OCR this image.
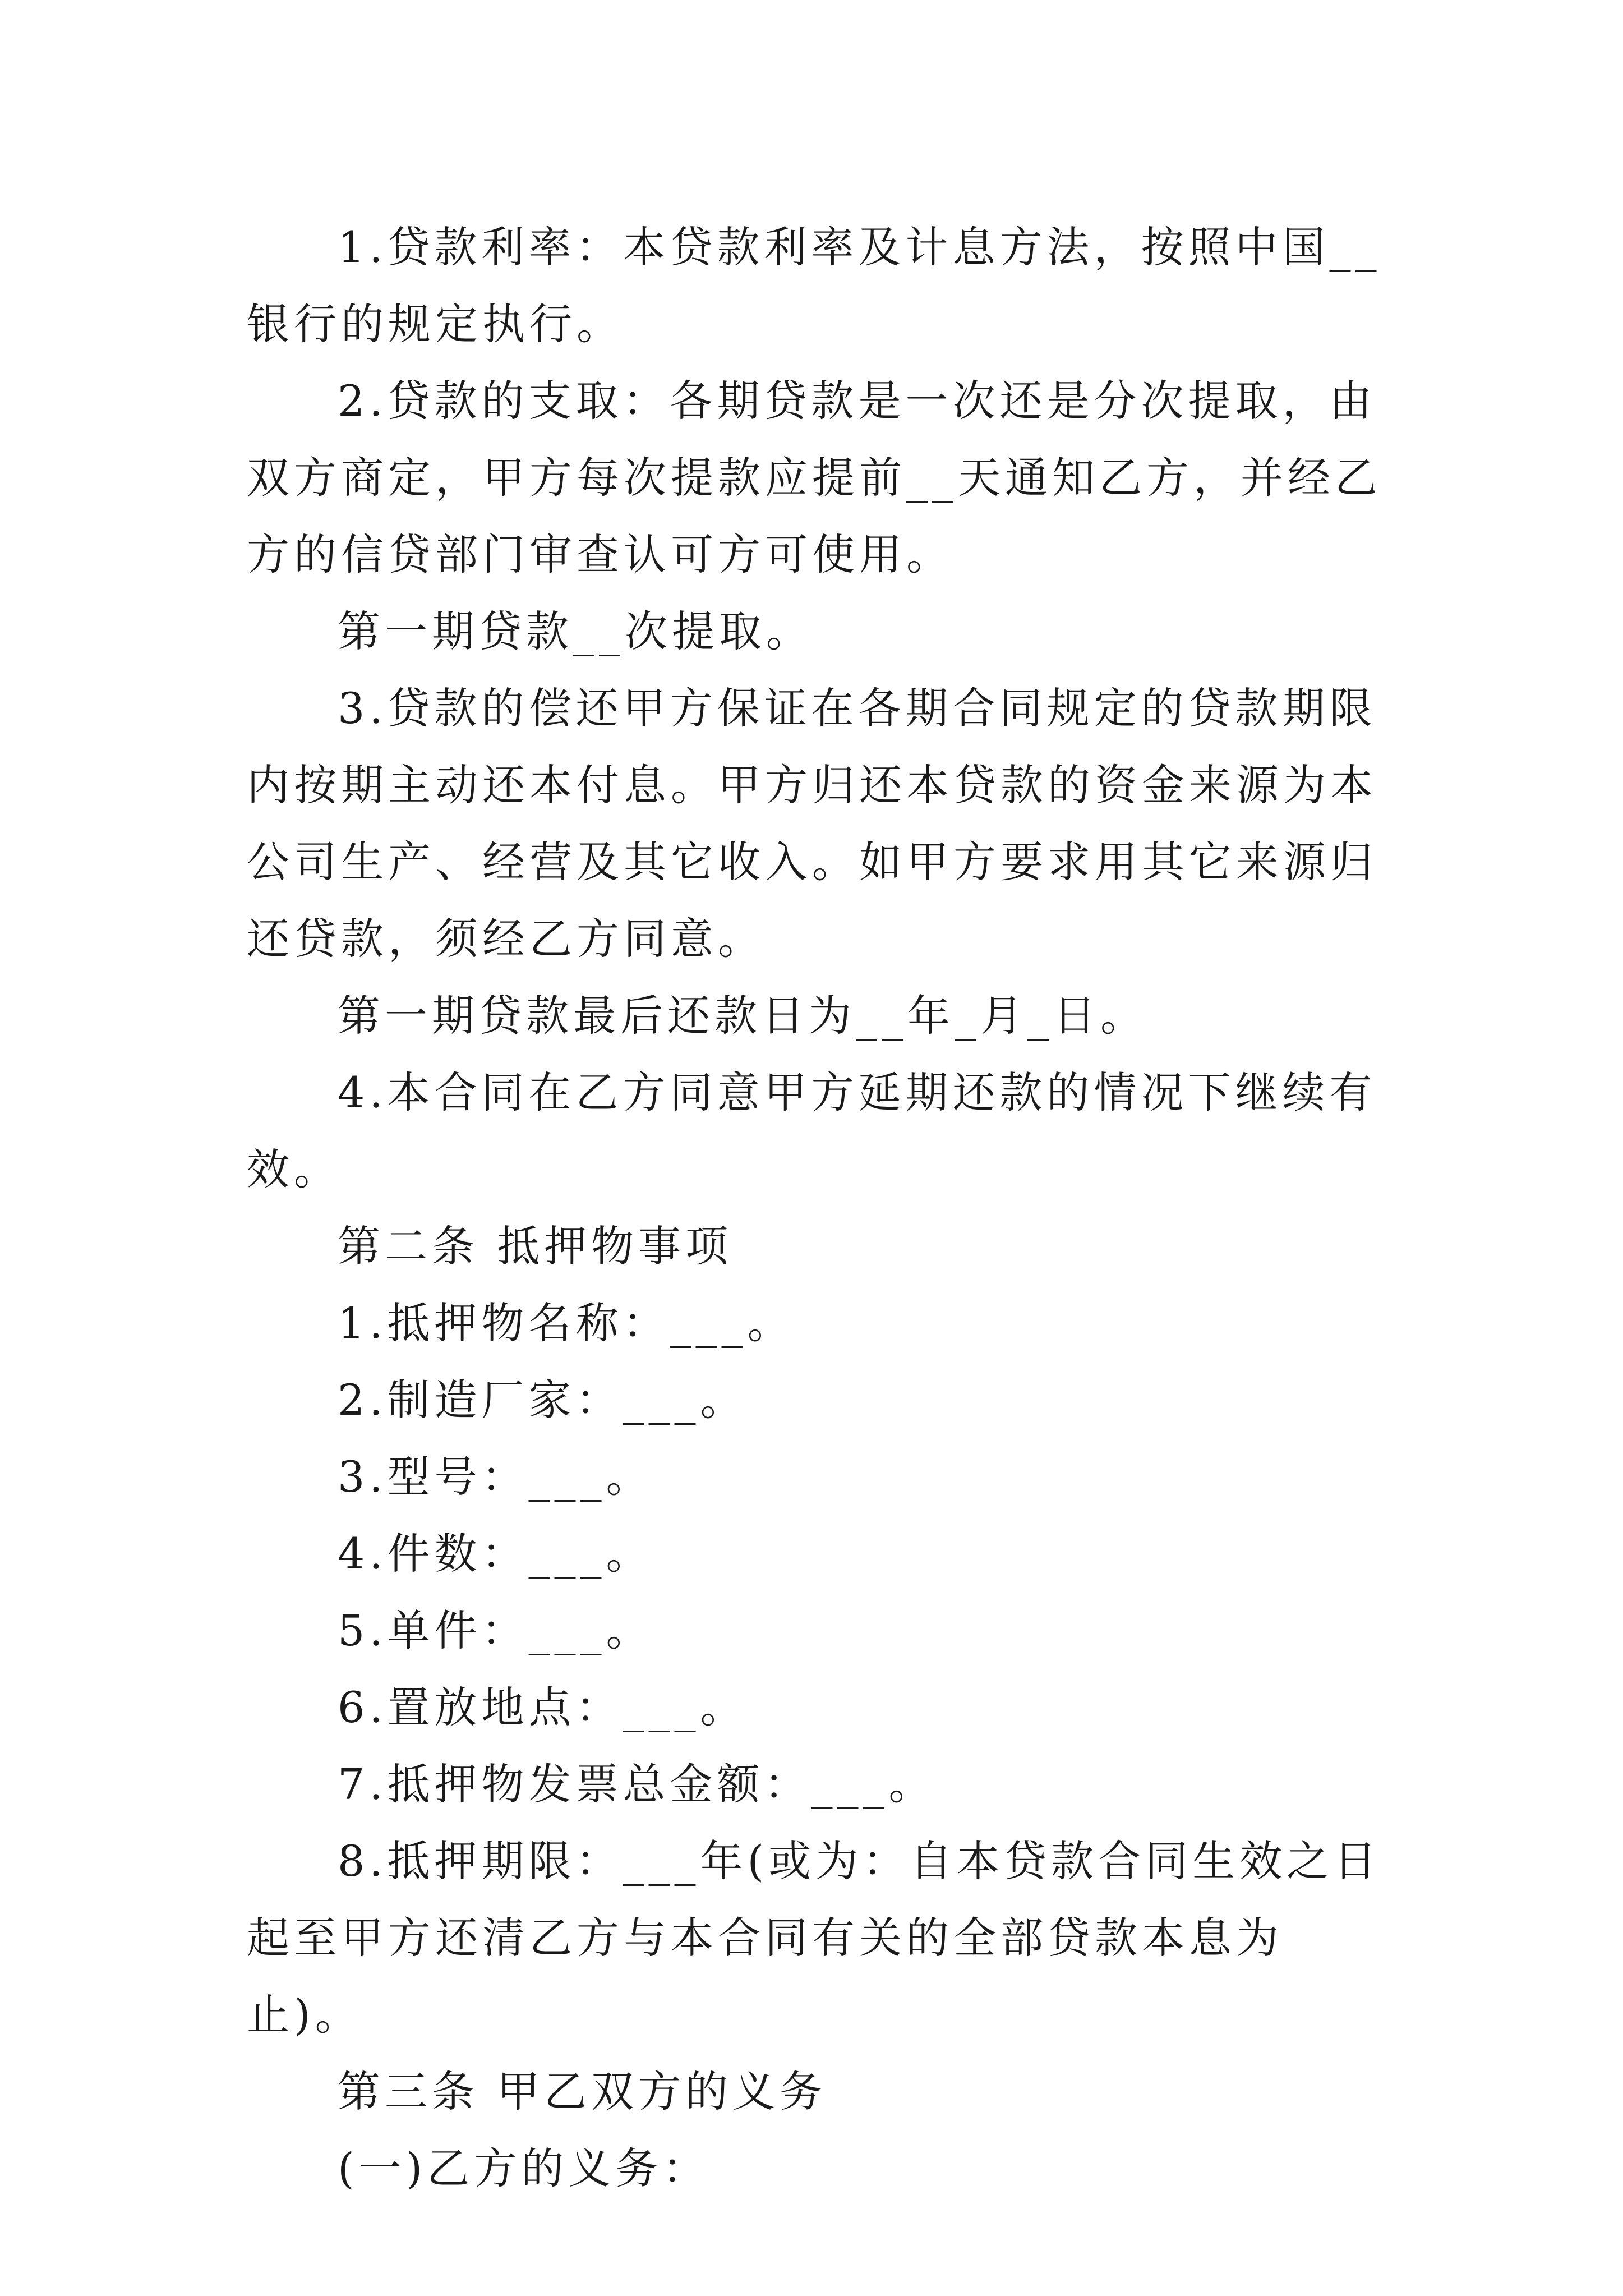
1.贷款利率：本贷款利率及计息方法，按照中国__银行的规定执行。

2.贷款的支取：各期贷款是一次还是分次提取，由双方商定，甲方每次提款应提前__天通知乙方，并经乙方的信贷部门审查认可方可使用。

第一期贷款__次提取。

3.贷款的偿还甲方保证在各期合同规定的贷款期限内按期主动还本付息。甲方归还本贷款的资金来源为本公司生产、经营及其它收入。如甲方要求用其它来源归还贷款，须经乙方同意。

第一期贷款最后还款日为__年_月_日。

4.本合同在乙方同意甲方延期还款的情况下继续有效。

第二条 抵押物事项

1.抵押物名称：___。

2.制造厂家：___。

3.型号：___。

4.件数：___。

5.单件：___。

6.置放地点：___。

7.抵押物发票总金额：___。

8.抵押期限：___年(或为：自本贷款合同生效之日起至甲方还清乙方与本合同有关的全部贷款本息为止)。

第三条 甲乙双方的义务

(一)乙方的义务：
